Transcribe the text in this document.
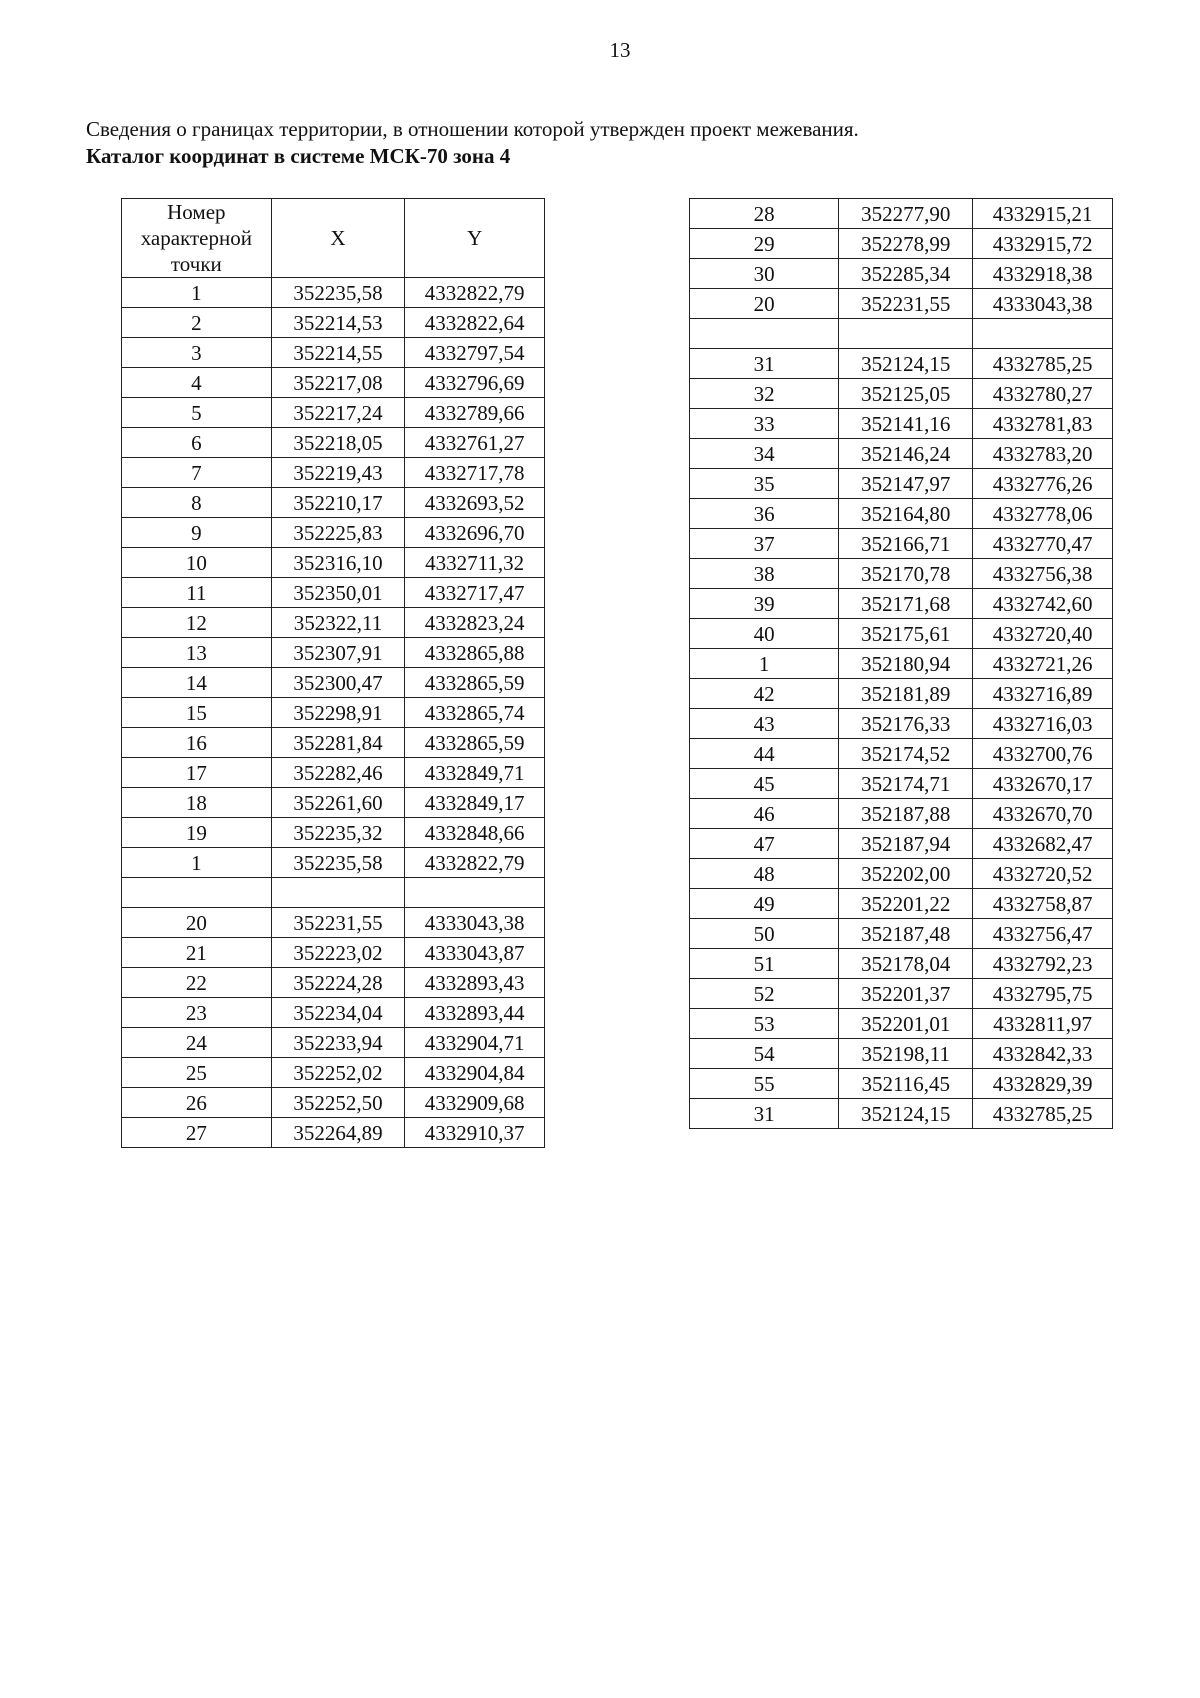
13
Сведения о границах территории, в отношении которой утвержден проект межевания.
Каталог координат в системе МСК-70 зона 4
Номер
характерной
точки	X	Y
1	352235,58	4332822,79
2	352214,53	4332822,64
3	352214,55	4332797,54
4	352217,08	4332796,69
5	352217,24	4332789,66
6	352218,05	4332761,27
7	352219,43	4332717,78
8	352210,17	4332693,52
9	352225,83	4332696,70
10	352316,10	4332711,32
11	352350,01	4332717,47
12	352322,11	4332823,24
13	352307,91	4332865,88
14	352300,47	4332865,59
15	352298,91	4332865,74
16	352281,84	4332865,59
17	352282,46	4332849,71
18	352261,60	4332849,17
19	352235,32	4332848,66
1	352235,58	4332822,79

20	352231,55	4333043,38
21	352223,02	4333043,87
22	352224,28	4332893,43
23	352234,04	4332893,44
24	352233,94	4332904,71
25	352252,02	4332904,84
26	352252,50	4332909,68
27	352264,89	4332910,37
28	352277,90	4332915,21
29	352278,99	4332915,72
30	352285,34	4332918,38
20	352231,55	4333043,38

31	352124,15	4332785,25
32	352125,05	4332780,27
33	352141,16	4332781,83
34	352146,24	4332783,20
35	352147,97	4332776,26
36	352164,80	4332778,06
37	352166,71	4332770,47
38	352170,78	4332756,38
39	352171,68	4332742,60
40	352175,61	4332720,40
1	352180,94	4332721,26
42	352181,89	4332716,89
43	352176,33	4332716,03
44	352174,52	4332700,76
45	352174,71	4332670,17
46	352187,88	4332670,70
47	352187,94	4332682,47
48	352202,00	4332720,52
49	352201,22	4332758,87
50	352187,48	4332756,47
51	352178,04	4332792,23
52	352201,37	4332795,75
53	352201,01	4332811,97
54	352198,11	4332842,33
55	352116,45	4332829,39
31	352124,15	4332785,25
